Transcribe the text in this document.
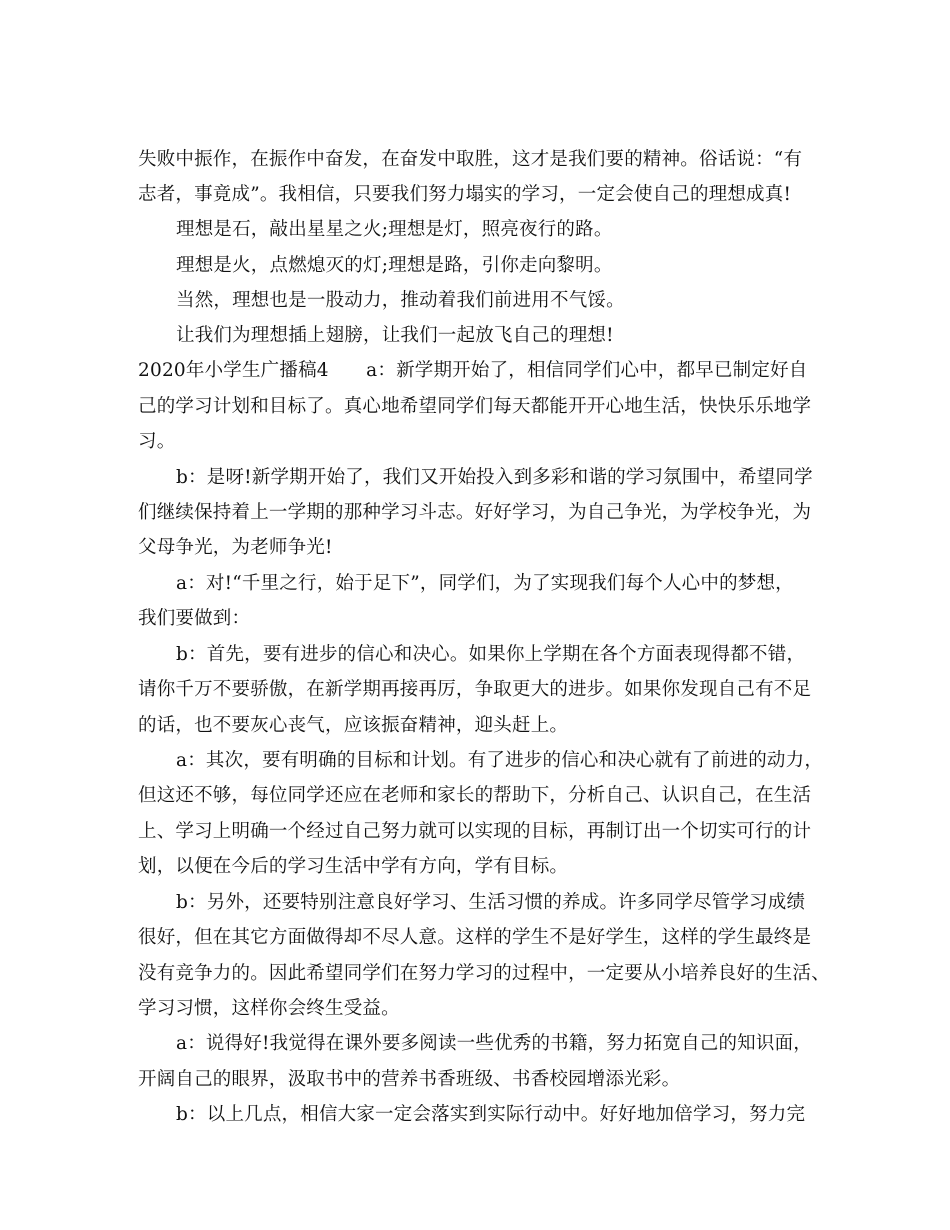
失败中振作，在振作中奋发，在奋发中取胜，这才是我们要的精神。俗话说：“有
志者，事竟成”。我相信，只要我们努力塌实的学习，一定会使自己的理想成真!
理想是石，敲出星星之火;理想是灯，照亮夜行的路。
理想是火，点燃熄灭的灯;理想是路，引你走向黎明。
当然，理想也是一股动力，推动着我们前进用不气馁。
让我们为理想插上翅膀，让我们一起放飞自己的理想!
2020年小学生广播稿4　　a：新学期开始了，相信同学们心中，都早已制定好自
己的学习计划和目标了。真心地希望同学们每天都能开开心地生活，快快乐乐地学
习。
b：是呀!新学期开始了，我们又开始投入到多彩和谐的学习氛围中，希望同学
们继续保持着上一学期的那种学习斗志。好好学习，为自己争光，为学校争光，为
父母争光，为老师争光!
a：对!“千里之行，始于足下”，同学们，为了实现我们每个人心中的梦想，
我们要做到：
b：首先，要有进步的信心和决心。如果你上学期在各个方面表现得都不错，
请你千万不要骄傲，在新学期再接再厉，争取更大的进步。如果你发现自己有不足
的话，也不要灰心丧气，应该振奋精神，迎头赶上。
a：其次，要有明确的目标和计划。有了进步的信心和决心就有了前进的动力，
但这还不够，每位同学还应在老师和家长的帮助下，分析自己、认识自己，在生活
上、学习上明确一个经过自己努力就可以实现的目标，再制订出一个切实可行的计
划，以便在今后的学习生活中学有方向，学有目标。
b：另外，还要特别注意良好学习、生活习惯的养成。许多同学尽管学习成绩
很好，但在其它方面做得却不尽人意。这样的学生不是好学生，这样的学生最终是
没有竞争力的。因此希望同学们在努力学习的过程中，一定要从小培养良好的生活、
学习习惯，这样你会终生受益。
a：说得好!我觉得在课外要多阅读一些优秀的书籍，努力拓宽自己的知识面，
开阔自己的眼界，汲取书中的营养书香班级、书香校园增添光彩。
b：以上几点，相信大家一定会落实到实际行动中。好好地加倍学习，努力完
